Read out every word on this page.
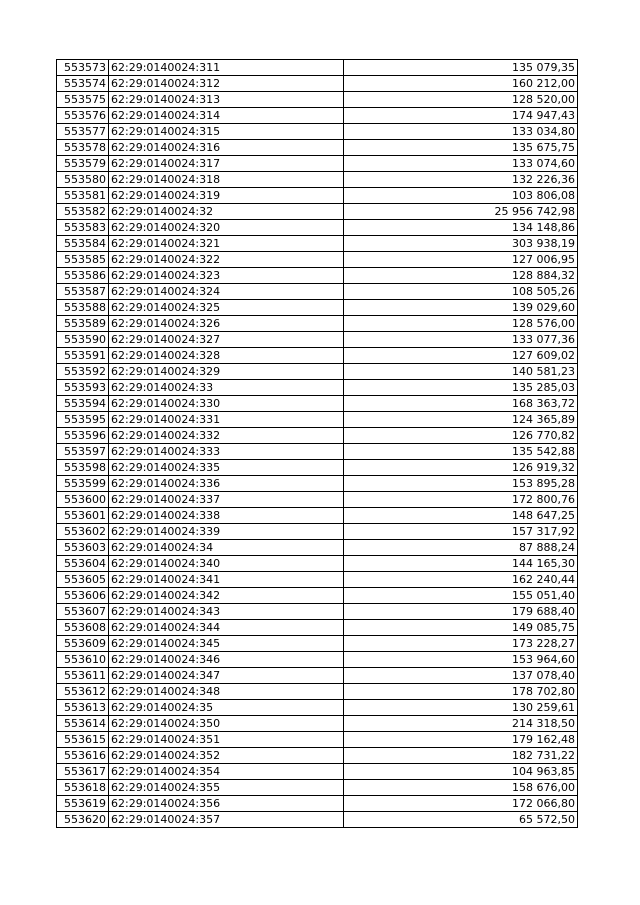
553573	62:29:0140024:311	135 079,35
553574	62:29:0140024:312	160 212,00
553575	62:29:0140024:313	128 520,00
553576	62:29:0140024:314	174 947,43
553577	62:29:0140024:315	133 034,80
553578	62:29:0140024:316	135 675,75
553579	62:29:0140024:317	133 074,60
553580	62:29:0140024:318	132 226,36
553581	62:29:0140024:319	103 806,08
553582	62:29:0140024:32	25 956 742,98
553583	62:29:0140024:320	134 148,86
553584	62:29:0140024:321	303 938,19
553585	62:29:0140024:322	127 006,95
553586	62:29:0140024:323	128 884,32
553587	62:29:0140024:324	108 505,26
553588	62:29:0140024:325	139 029,60
553589	62:29:0140024:326	128 576,00
553590	62:29:0140024:327	133 077,36
553591	62:29:0140024:328	127 609,02
553592	62:29:0140024:329	140 581,23
553593	62:29:0140024:33	135 285,03
553594	62:29:0140024:330	168 363,72
553595	62:29:0140024:331	124 365,89
553596	62:29:0140024:332	126 770,82
553597	62:29:0140024:333	135 542,88
553598	62:29:0140024:335	126 919,32
553599	62:29:0140024:336	153 895,28
553600	62:29:0140024:337	172 800,76
553601	62:29:0140024:338	148 647,25
553602	62:29:0140024:339	157 317,92
553603	62:29:0140024:34	87 888,24
553604	62:29:0140024:340	144 165,30
553605	62:29:0140024:341	162 240,44
553606	62:29:0140024:342	155 051,40
553607	62:29:0140024:343	179 688,40
553608	62:29:0140024:344	149 085,75
553609	62:29:0140024:345	173 228,27
553610	62:29:0140024:346	153 964,60
553611	62:29:0140024:347	137 078,40
553612	62:29:0140024:348	178 702,80
553613	62:29:0140024:35	130 259,61
553614	62:29:0140024:350	214 318,50
553615	62:29:0140024:351	179 162,48
553616	62:29:0140024:352	182 731,22
553617	62:29:0140024:354	104 963,85
553618	62:29:0140024:355	158 676,00
553619	62:29:0140024:356	172 066,80
553620	62:29:0140024:357	65 572,50
